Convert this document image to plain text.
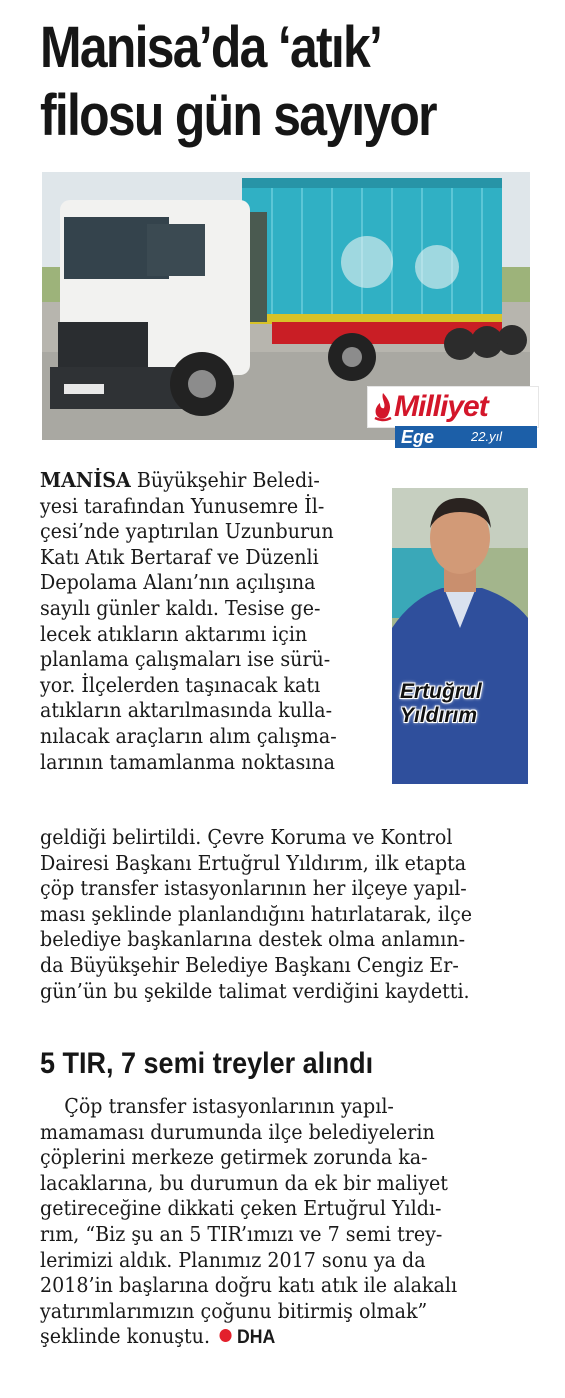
Manisa’da ‘atık’
filosu gün sayıyor
Milliyet
Ege	22.yıl
Ertuğrul
Yıldırım
MANİSA Büyükşehir Beledi-
yesi tarafından Yunusemre İl-
çesi’nde yaptırılan Uzunburun
Katı Atık Bertaraf ve Düzenli
Depolama Alanı’nın açılışına
sayılı günler kaldı. Tesise ge-
lecek atıkların aktarımı için
planlama çalışmaları ise sürü-
yor. İlçelerden taşınacak katı
atıkların aktarılmasında kulla-
nılacak araçların alım çalışma-
larının tamamlanma noktasına
geldiği belirtildi. Çevre Koruma ve Kontrol
Dairesi Başkanı Ertuğrul Yıldırım, ilk etapta
çöp transfer istasyonlarının her ilçeye yapıl-
ması şeklinde planlandığını hatırlatarak, ilçe
belediye başkanlarına destek olma anlamın-
da Büyükşehir Belediye Başkanı Cengiz Er-
gün’ün bu şekilde talimat verdiğini kaydetti.
5 TIR, 7 semi treyler alındı
Çöp transfer istasyonlarının yapıl-
mamaması durumunda ilçe belediyelerin
çöplerini merkeze getirmek zorunda ka-
lacaklarına, bu durumun da ek bir maliyet
getireceğine dikkati çeken Ertuğrul Yıldı-
rım, “Biz şu an 5 TIR’ımızı ve 7 semi trey-
lerimizi aldık. Planımız 2017 sonu ya da
2018’in başlarına doğru katı atık ile alakalı
yatırımlarımızın çoğunu bitirmiş olmak”
şeklinde konuştu. DHA
